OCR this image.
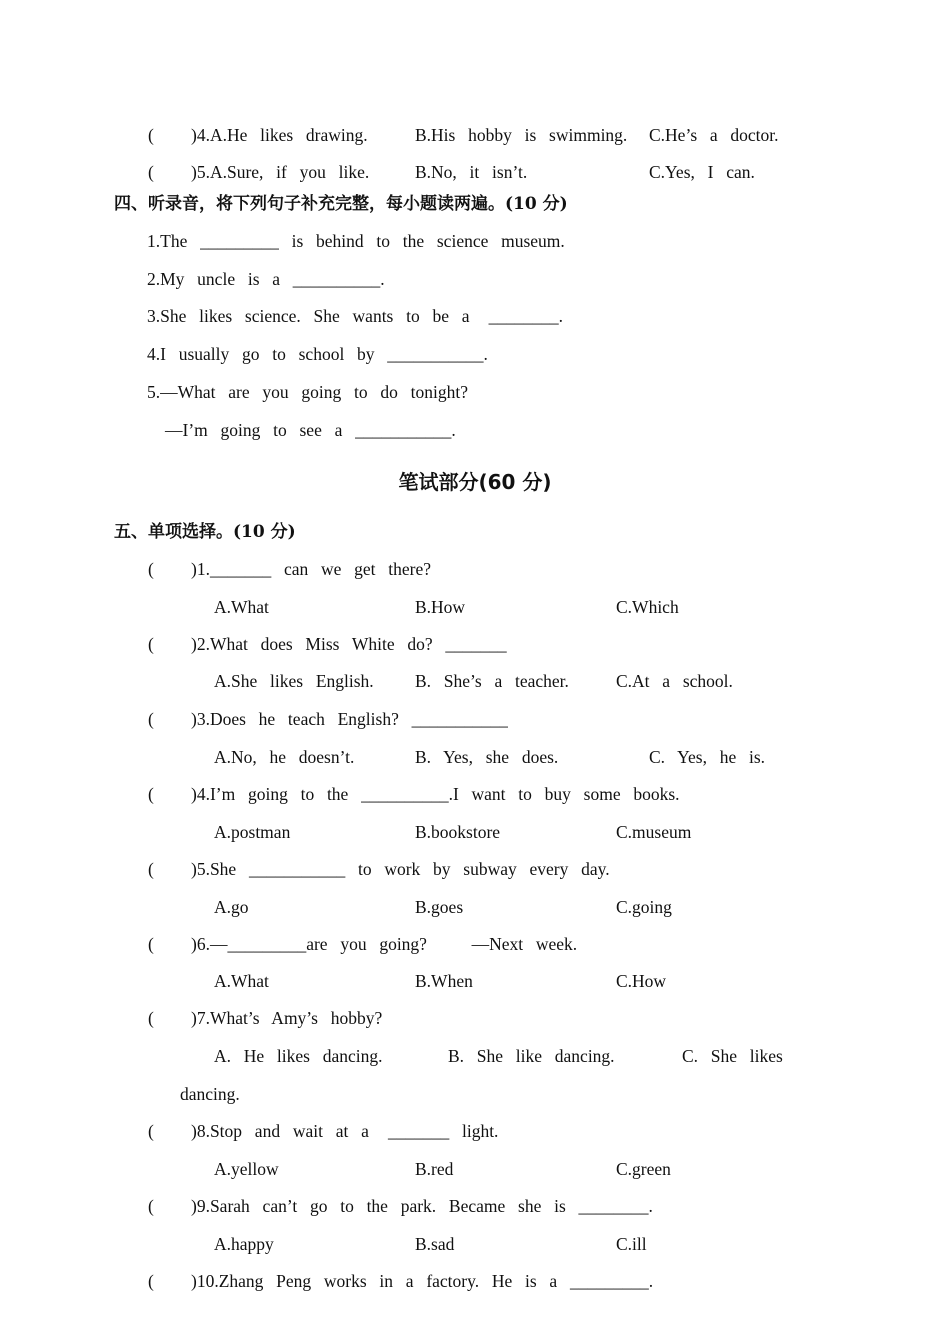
( )4.A.He  likes  drawing.	B.His  hobby  is  swimming. C.He’s  a  doctor.
( )5.A.Sure,  if  you  like.	B.No,  it  isn’t.	C.Yes,  I  can.
四、听录音，将下列句子补充完整，每小题读两遍。(10 分)
1.The  _________  is  behind  to  the  science  museum.
2.My  uncle  is  a  __________.
3.She  likes  science.  She  wants  to  be  a   ________.
4.I  usually  go  to  school  by  ___________.
5.—What  are  you  going  to  do  tonight?
—I’m  going  to  see  a  ___________.
笔试部分(60 分)
五、单项选择。(10 分)
( )1._______  can  we  get  there?
A.What	B.How	C.Which
( )2.What  does  Miss  White  do?  _______
A.She  likes  English. B.  She’s  a  teacher.	C.At  a  school.
( )3.Does  he  teach  English?  ___________
A.No,  he  doesn’t.	B.  Yes,  she  does.	C.  Yes,  he  is.
( )4.I’m  going  to  the  __________.I  want  to  buy  some  books.
A.postman	B.bookstore	C.museum
( )5.She  ___________  to  work  by  subway  every  day.
A.go	B.goes	C.going
( )6.—_________are  you  going?       —Next  week.
A.What	B.When	C.How
( )7.What’s  Amy’s  hobby?
A.  He  likes  dancing.	B.  She  like  dancing.	C.  She  likes
dancing.
( )8.Stop  and  wait  at  a   _______  light.
A.yellow	B.red	C.green
( )9.Sarah  can’t  go  to  the  park.  Became  she  is  ________.
A.happy	B.sad	C.ill
( )10.Zhang  Peng  works  in  a  factory.  He  is  a  _________.
